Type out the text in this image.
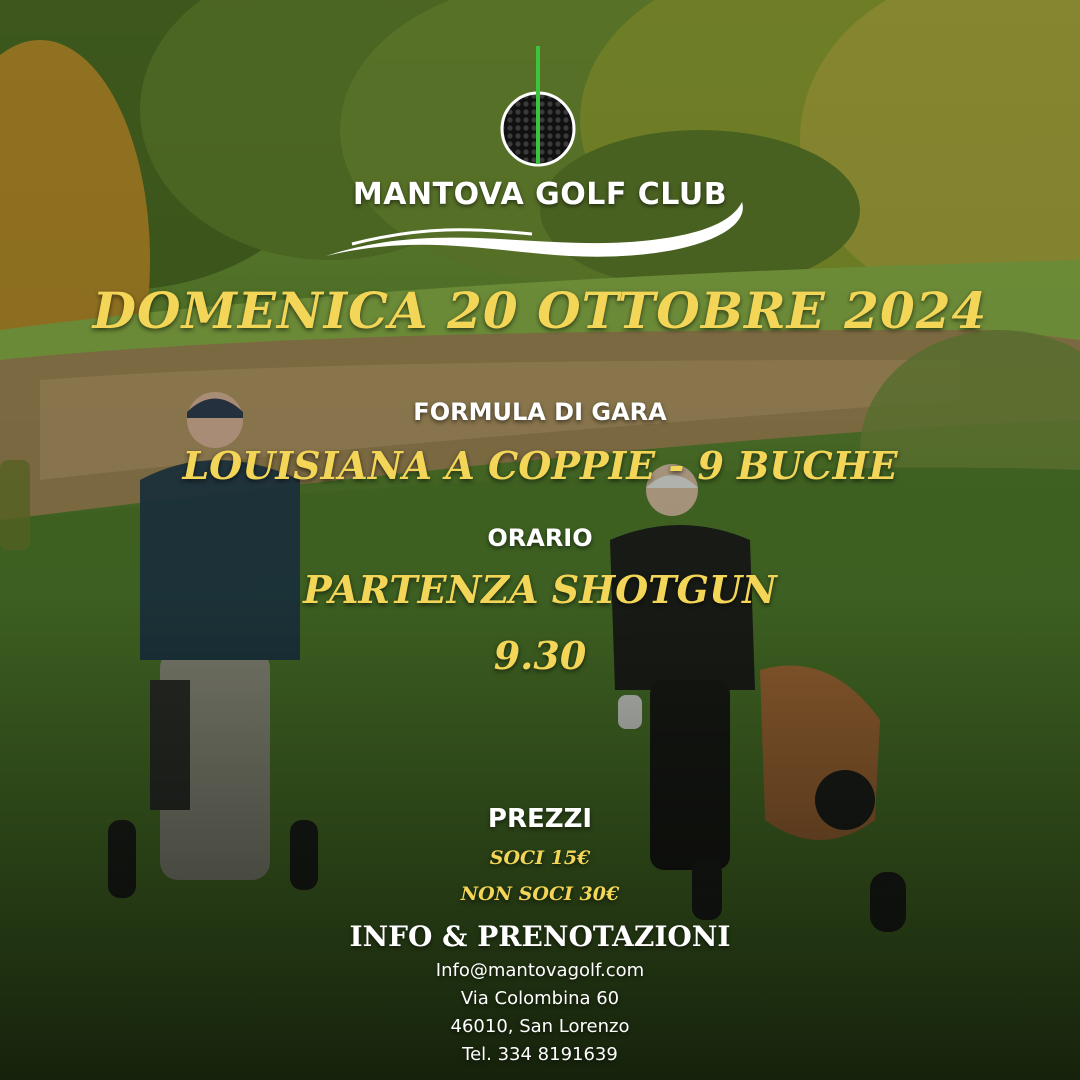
MANTOVA GOLF CLUB
DOMENICA 20 OTTOBRE 2024
FORMULA DI GARA
LOUISIANA A COPPIE - 9 BUCHE
ORARIO
PARTENZA SHOTGUN
9.30
PREZZI
SOCI 15€
NON SOCI 30€
INFO & PRENOTAZIONI
Info@mantovagolf.com
Via Colombina 60
46010, San Lorenzo
Tel. 334 8191639
